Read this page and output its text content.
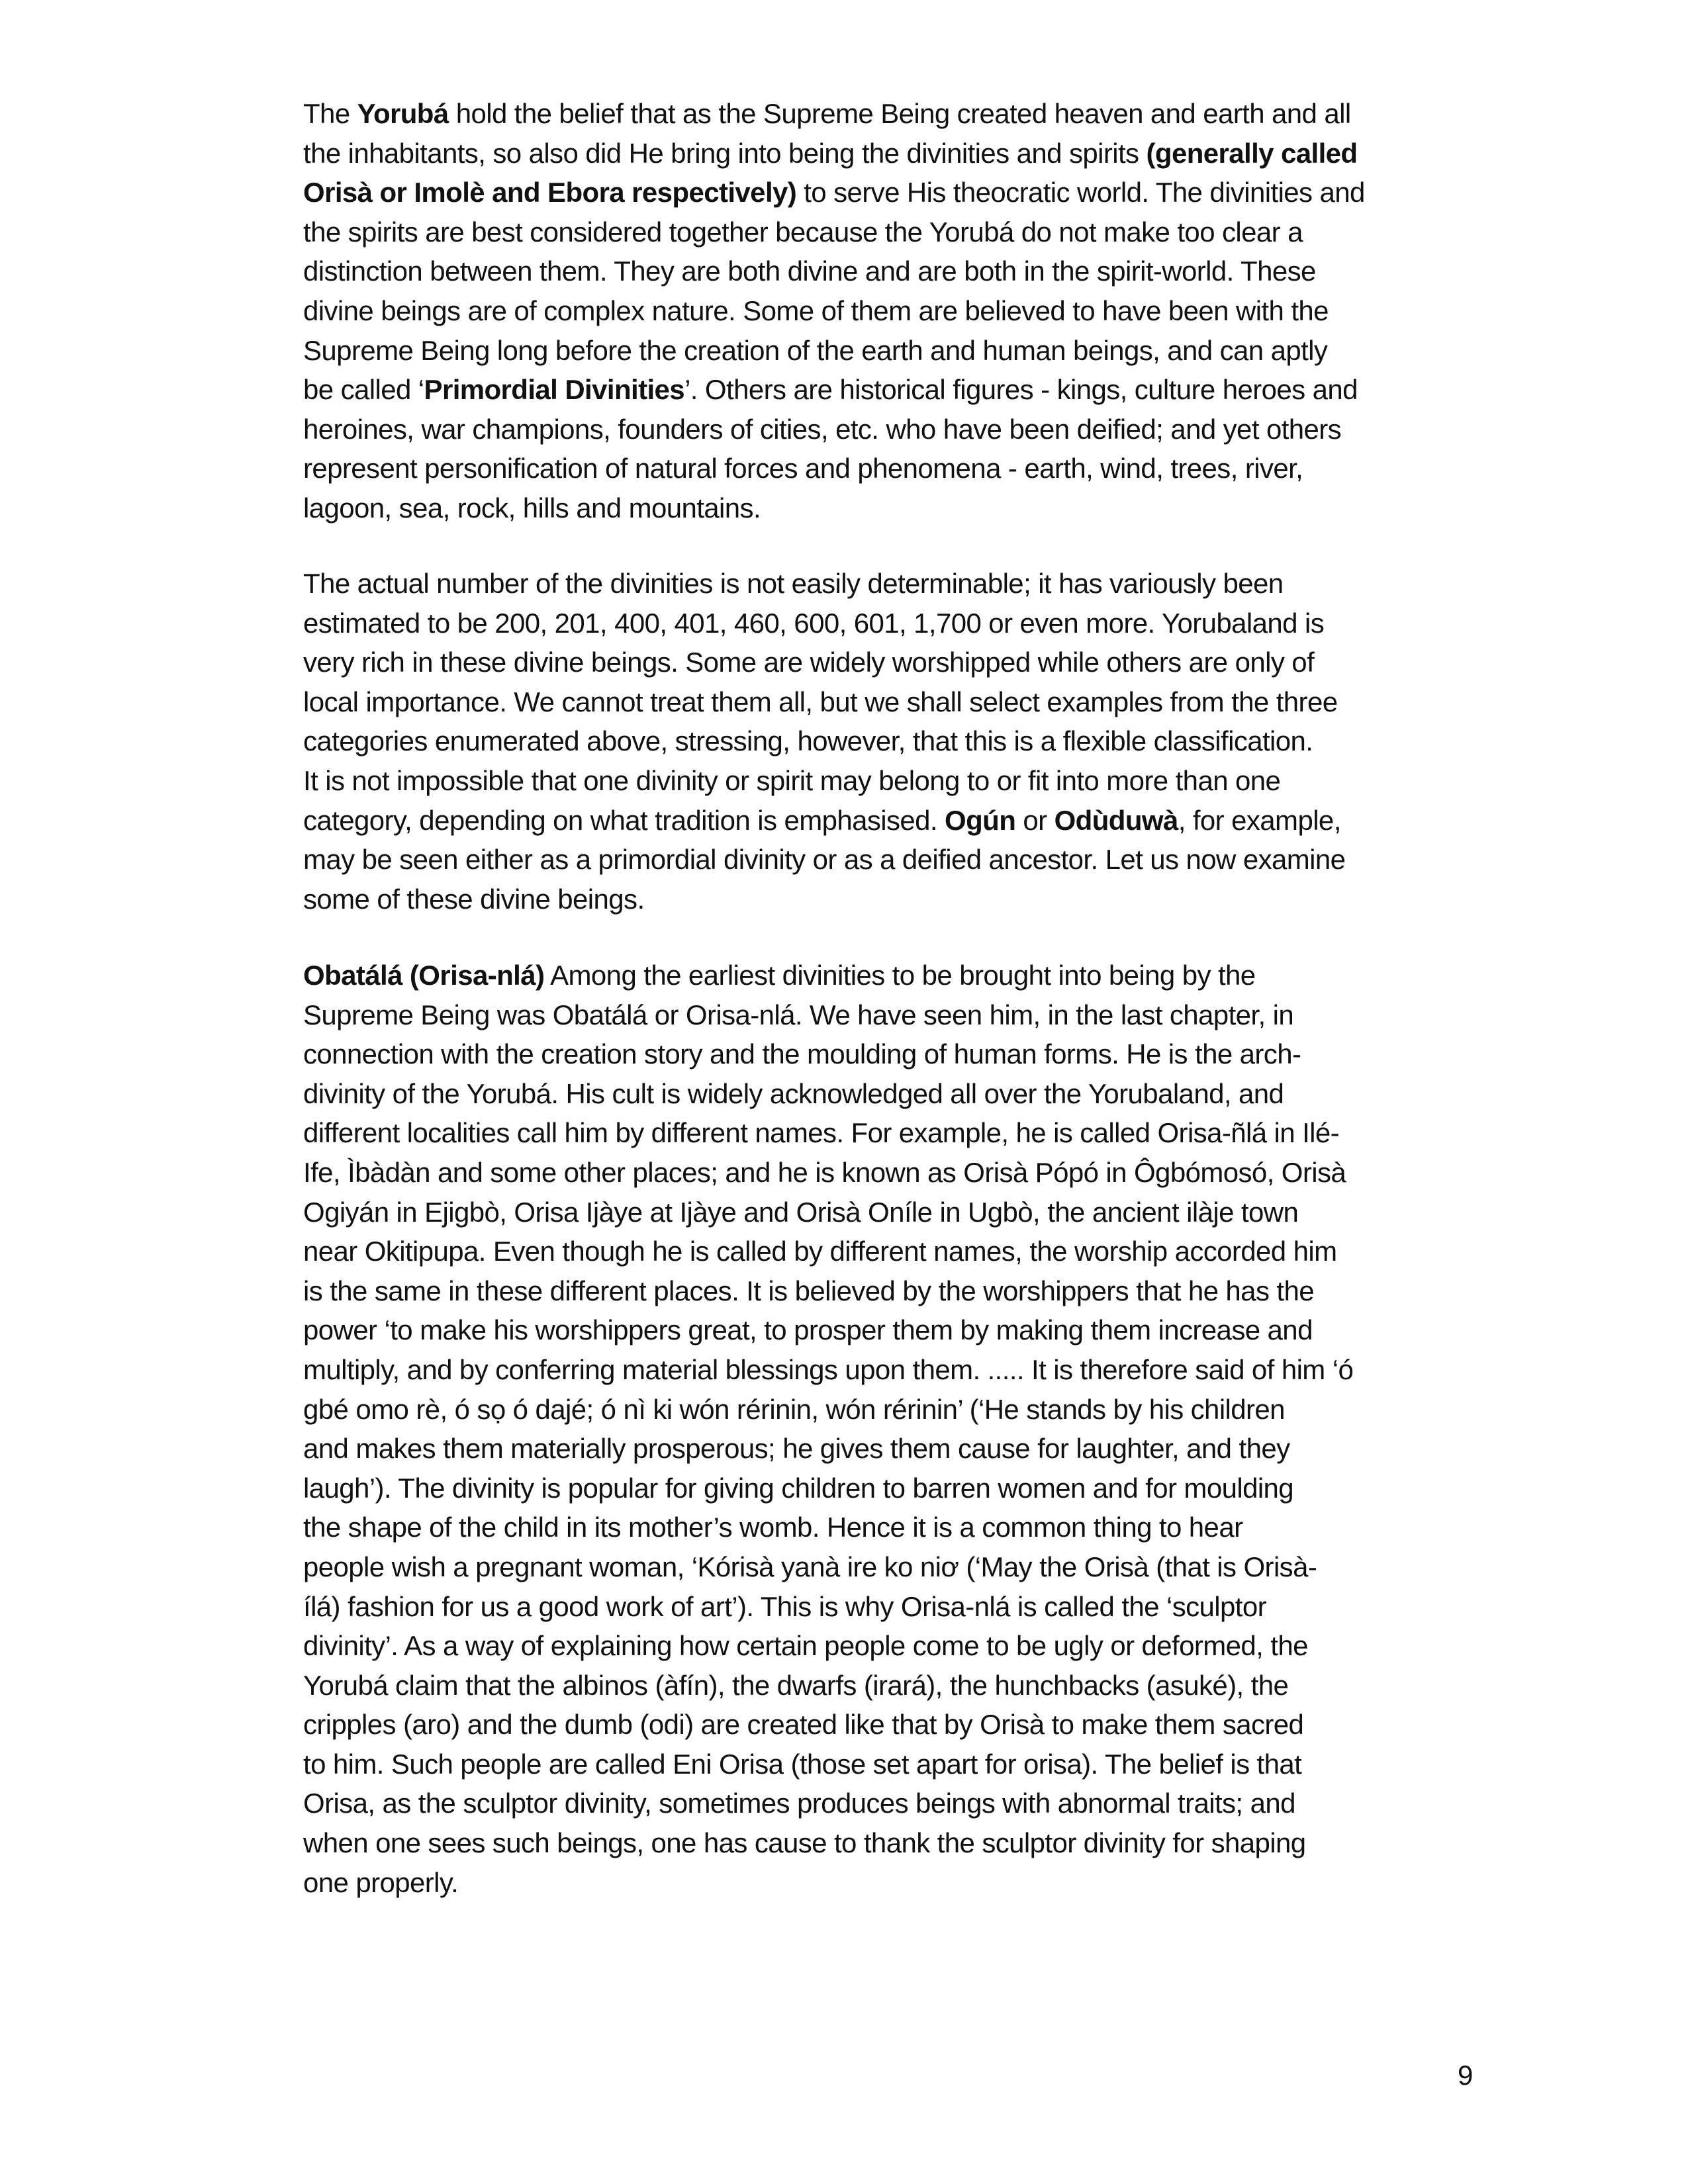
The Yorubá hold the belief that as the Supreme Being created heaven and earth and all
the inhabitants, so also did He bring into being the divinities and spirits (generally called
Orisà or Imolè and Ebora respectively) to serve His theocratic world. The divinities and
the spirits are best considered together because the Yorubá do not make too clear a
distinction between them. They are both divine and are both in the spirit-world. These
divine beings are of complex nature. Some of them are believed to have been with the
Supreme Being long before the creation of the earth and human beings, and can aptly
be called ‘Primordial Divinities’. Others are historical figures - kings, culture heroes and
heroines, war champions, founders of cities, etc. who have been deified; and yet others
represent personification of natural forces and phenomena - earth, wind, trees, river,
lagoon, sea, rock, hills and mountains.
The actual number of the divinities is not easily determinable; it has variously been
estimated to be 200, 201, 400, 401, 460, 600, 601, 1,700 or even more. Yorubaland is
very rich in these divine beings. Some are widely worshipped while others are only of
local importance. We cannot treat them all, but we shall select examples from the three
categories enumerated above, stressing, however, that this is a flexible classification.
It is not impossible that one divinity or spirit may belong to or fit into more than one
category, depending on what tradition is emphasised. Ogún or Odùduwà, for example,
may be seen either as a primordial divinity or as a deified ancestor. Let us now examine
some of these divine beings.
Obatálá (Orisa-nlá) Among the earliest divinities to be brought into being by the
Supreme Being was Obatálá or Orisa-nlá. We have seen him, in the last chapter, in
connection with the creation story and the moulding of human forms. He is the arch-
divinity of the Yorubá. His cult is widely acknowledged all over the Yorubaland, and
different localities call him by different names. For example, he is called Orisa-ñlá in Ilé-
Ife, Ìbàdàn and some other places; and he is known as Orisà Pópó in Ôgbómosó, Orisà
Ogiyán in Ejigbò, Orisa Ijàye at Ijàye and Orisà Oníle in Ugbò, the ancient ilàje town
near Okitipupa. Even though he is called by different names, the worship accorded him
is the same in these different places. It is believed by the worshippers that he has the
power ‘to make his worshippers great, to prosper them by making them increase and
multiply, and by conferring material blessings upon them. ..... It is therefore said of him ‘ó
gbé omo rè, ó sọ ó dajé; ó nì ki wón rérinin, wón rérinin’ (‘He stands by his children
and makes them materially prosperous; he gives them cause for laughter, and they
laugh’). The divinity is popular for giving children to barren women and for moulding
the shape of the child in its mother’s womb. Hence it is a common thing to hear
people wish a pregnant woman, ‘Kórisà yanà ire ko niơ (‘May the Orisà (that is Orisà-
ílá) fashion for us a good work of art’). This is why Orisa-nlá is called the ‘sculptor
divinity’. As a way of explaining how certain people come to be ugly or deformed, the
Yorubá claim that the albinos (àfín), the dwarfs (irará), the hunchbacks (asuké), the
cripples (aro) and the dumb (odi) are created like that by Orisà to make them sacred
to him. Such people are called Eni Orisa (those set apart for orisa). The belief is that
Orisa, as the sculptor divinity, sometimes produces beings with abnormal traits; and
when one sees such beings, one has cause to thank the sculptor divinity for shaping
one properly.
9
